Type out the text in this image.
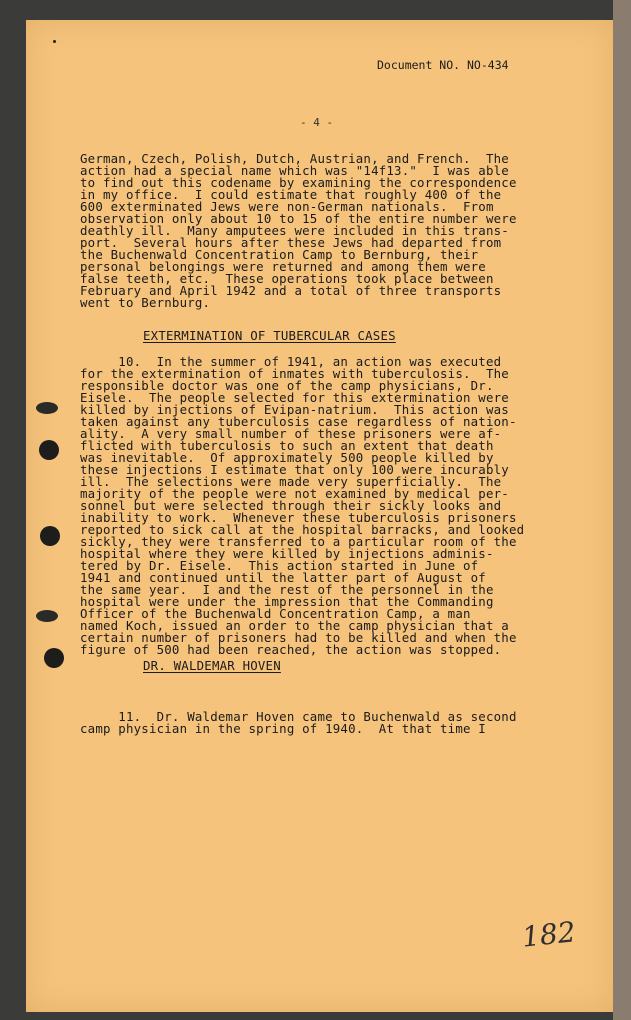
Document NO. NO-434
- 4 -
German, Czech, Polish, Dutch, Austrian, and French.  The
action had a special name which was "14f13."  I was able
to find out this codename by examining the correspondence
in my office.  I could estimate that roughly 400 of the
600 exterminated Jews were non-German nationals.  From
observation only about 10 to 15 of the entire number were
deathly ill.  Many amputees were included in this trans-
port.  Several hours after these Jews had departed from
the Buchenwald Concentration Camp to Bernburg, their
personal belongings were returned and among them were
false teeth, etc.  These operations took place between
February and April 1942 and a total of three transports
went to Bernburg.
EXTERMINATION OF TUBERCULAR CASES
10.  In the summer of 1941, an action was executed
for the extermination of inmates with tuberculosis.  The
responsible doctor was one of the camp physicians, Dr.
Eisele.  The people selected for this extermination were
killed by injections of Evipan-natrium.  This action was
taken against any tuberculosis case regardless of nation-
ality.  A very small number of these prisoners were af-
flicted with tuberculosis to such an extent that death
was inevitable.  Of approximately 500 people killed by
these injections I estimate that only 100 were incurably
ill.  The selections were made very superficially.  The
majority of the people were not examined by medical per-
sonnel but were selected through their sickly looks and
inability to work.  Whenever these tuberculosis prisoners
reported to sick call at the hospital barracks, and looked
sickly, they were transferred to a particular room of the
hospital where they were killed by injections adminis-
tered by Dr. Eisele.  This action started in June of
1941 and continued until the latter part of August of
the same year.  I and the rest of the personnel in the
hospital were under the impression that the Commanding
Officer of the Buchenwald Concentration Camp, a man
named Koch, issued an order to the camp physician that a
certain number of prisoners had to be killed and when the
figure of 500 had been reached, the action was stopped.
DR. WALDEMAR HOVEN
11.  Dr. Waldemar Hoven came to Buchenwald as second
camp physician in the spring of 1940.  At that time I
182
